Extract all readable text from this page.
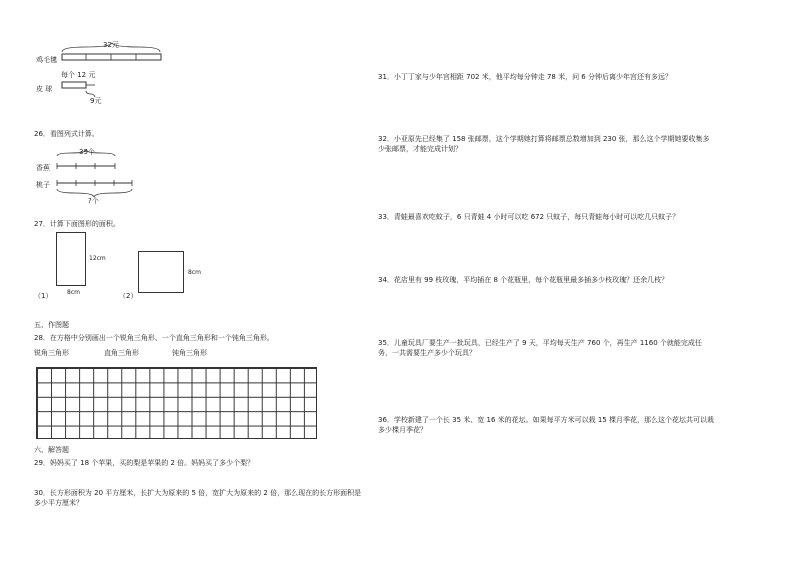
32元
鸡毛毽
每个 12 元
皮 球
9元
26．看图列式计算。
39个
香蕉
桃子
?个
27．计算下面图形的面积。
12cm
8cm
8cm
（1）	（2）
五、作图题
28．在方格中分别画出一个锐角三角形、一个直角三角形和一个钝角三角形。
锐角三角形	直角三角形	钝角三角形
六、解答题
29．妈妈买了 18 个苹果，买的梨是苹果的 2 倍。妈妈买了多少个梨？
30．长方形面积为 20 平方厘米，长扩大为原来的 5 倍，宽扩大为原来的 2 倍，那么现在的长方形面积是多少平方厘米？
31．小丁丁家与少年宫相距 702 米，他平均每分钟走 78 米，问 6 分钟后离少年宫还有多远？
32．小亚原先已经集了 158 张邮票，这个学期她打算将邮票总数增加到 230 张，那么这个学期她要收集多少张邮票，才能完成计划？
33．青蛙最喜欢吃蚊子，6 只青蛙 4 小时可以吃 672 只蚊子，每只青蛙每小时可以吃几只蚊子？
34．花店里有 99 枝玫瑰，平均插在 8 个花瓶里，每个花瓶里最多插多少枝玫瑰？还余几枝？
35．儿童玩具厂要生产一批玩具，已经生产了 9 天，平均每天生产 760 个，再生产 1160 个就能完成任务，一共需要生产多少个玩具？
36．学校新建了一个长 35 米、宽 16 米的花坛。如果每平方米可以栽 15 棵月季花，那么这个花坛共可以栽多少棵月季花？
